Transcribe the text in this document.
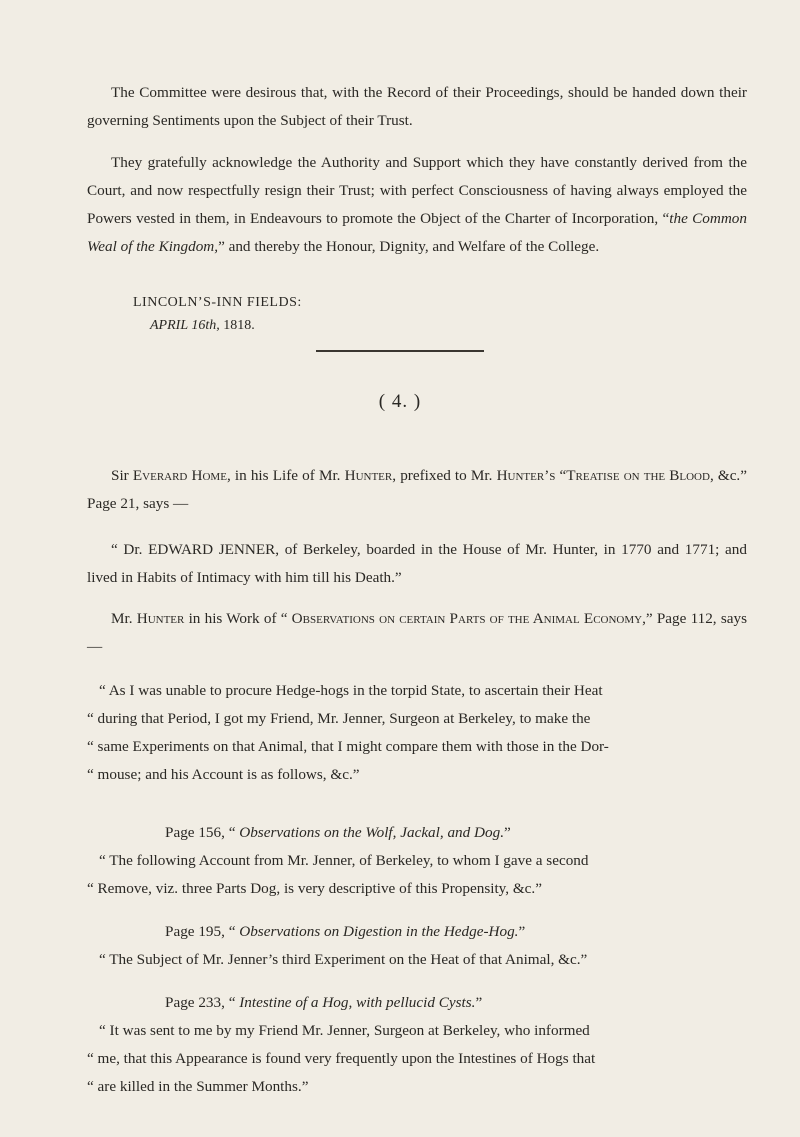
The Committee were desirous that, with the Record of their Proceedings, should be handed down their governing Sentiments upon the Subject of their Trust.
They gratefully acknowledge the Authority and Support which they have constantly derived from the Court, and now respectfully resign their Trust; with perfect Consciousness of having always employed the Powers vested in them, in Endeavours to promote the Object of the Charter of Incorporation, “the Common Weal of the Kingdom,” and thereby the Honour, Dignity, and Welfare of the College.
LINCOLN’S-INN FIELDS:
APRIL 16th, 1818.
( 4. )
Sir Everard Home, in his Life of Mr. Hunter, prefixed to Mr. Hunter’s “Treatise on the Blood, &c.” Page 21, says —
“ Dr. EDWARD JENNER, of Berkeley, boarded in the House of Mr. Hunter, in 1770 and 1771; and lived in Habits of Intimacy with him till his Death.”
Mr. Hunter in his Work of “ Observations on certain Parts of the Animal Economy,” Page 112, says—
“ As I was unable to procure Hedge-hogs in the torpid State, to ascertain their Heat
“ during that Period, I got my Friend, Mr. Jenner, Surgeon at Berkeley, to make the
“ same Experiments on that Animal, that I might compare them with those in the Dor-
“ mouse; and his Account is as follows, &c.”
Page 156, “ Observations on the Wolf, Jackal, and Dog.”
“ The following Account from Mr. Jenner, of Berkeley, to whom I gave a second
“ Remove, viz. three Parts Dog, is very descriptive of this Propensity, &c.”
Page 195, “ Observations on Digestion in the Hedge-Hog.”
“ The Subject of Mr. Jenner’s third Experiment on the Heat of that Animal, &c.”
Page 233, “ Intestine of a Hog, with pellucid Cysts.”
“ It was sent to me by my Friend Mr. Jenner, Surgeon at Berkeley, who informed
“ me, that this Appearance is found very frequently upon the Intestines of Hogs that
“ are killed in the Summer Months.”
